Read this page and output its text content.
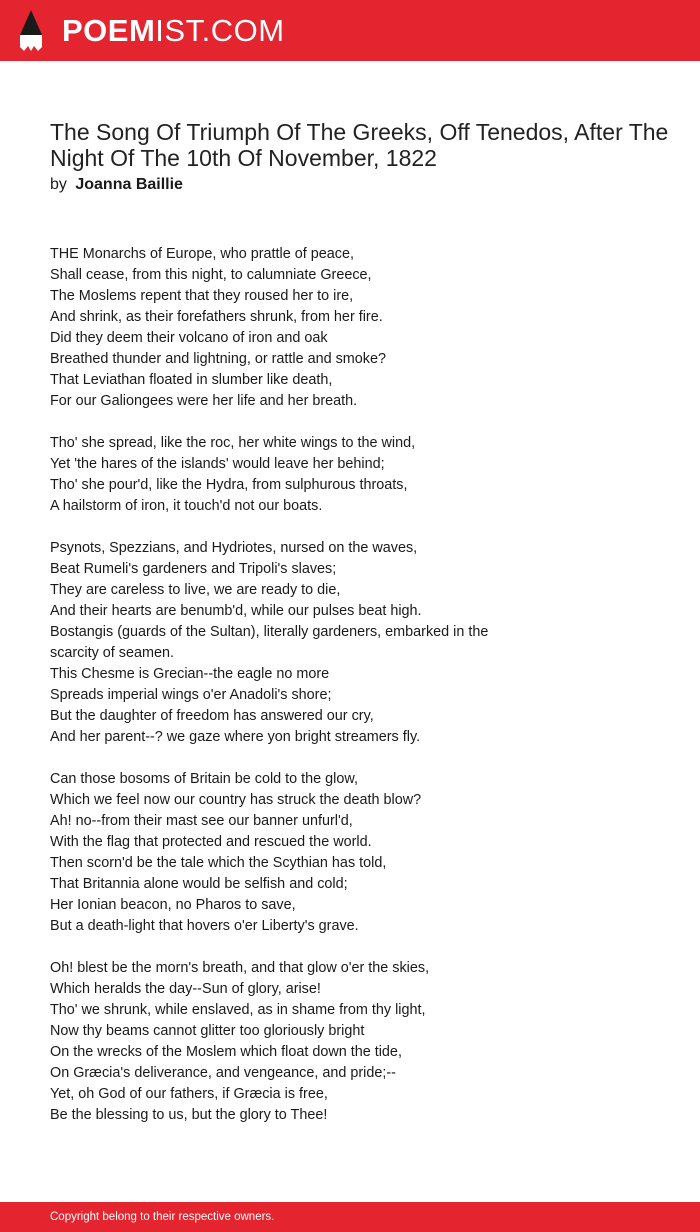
POEMIST.COM
The Song Of Triumph Of The Greeks, Off Tenedos, After The Night Of The 10th Of November, 1822
by Joanna Baillie
THE Monarchs of Europe, who prattle of peace,
Shall cease, from this night, to calumniate Greece,
The Moslems repent that they roused her to ire,
And shrink, as their forefathers shrunk, from her fire.
Did they deem their volcano of iron and oak
Breathed thunder and lightning, or rattle and smoke?
That Leviathan floated in slumber like death,
For our Galiongees were her life and her breath.
Tho' she spread, like the roc, her white wings to the wind,
Yet 'the hares of the islands' would leave her behind;
Tho' she pour'd, like the Hydra, from sulphurous throats,
A hailstorm of iron, it touch'd not our boats.
Psynots, Spezzians, and Hydriotes, nursed on the waves,
Beat Rumeli's gardeners and Tripoli's slaves;
They are careless to live, we are ready to die,
And their hearts are benumb'd, while our pulses beat high.
Bostangis (guards of the Sultan), literally gardeners, embarked in the
scarcity of seamen.
This Chesme is Grecian--the eagle no more
Spreads imperial wings o'er Anadoli's shore;
But the daughter of freedom has answered our cry,
And her parent--? we gaze where yon bright streamers fly.
Can those bosoms of Britain be cold to the glow,
Which we feel now our country has struck the death blow?
Ah! no--from their mast see our banner unfurl'd,
With the flag that protected and rescued the world.
Then scorn'd be the tale which the Scythian has told,
That Britannia alone would be selfish and cold;
Her Ionian beacon, no Pharos to save,
But a death-light that hovers o'er Liberty's grave.
Oh! blest be the morn's breath, and that glow o'er the skies,
Which heralds the day--Sun of glory, arise!
Tho' we shrunk, while enslaved, as in shame from thy light,
Now thy beams cannot glitter too gloriously bright
On the wrecks of the Moslem which float down the tide,
On Græcia's deliverance, and vengeance, and pride;--
Yet, oh God of our fathers, if Græcia is free,
Be the blessing to us, but the glory to Thee!
Copyright belong to their respective owners.
